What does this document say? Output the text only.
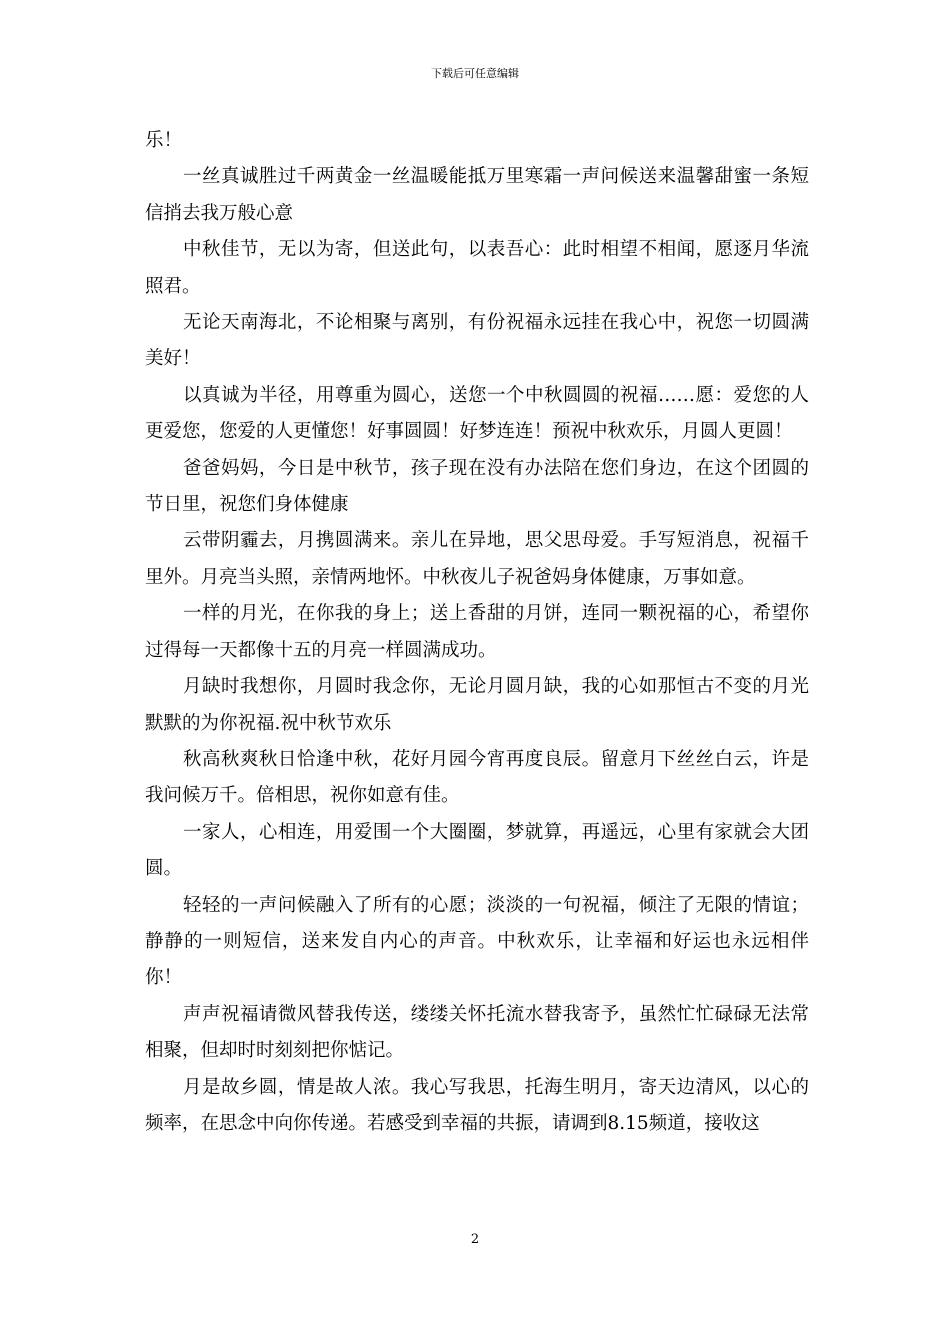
下载后可任意编辑

乐！

一丝真诚胜过千两黄金一丝温暖能抵万里寒霜一声问候送来温馨甜蜜一条短信捎去我万般心意

中秋佳节，无以为寄，但送此句，以表吾心：此时相望不相闻，愿逐月华流照君。

无论天南海北，不论相聚与离别，有份祝福永远挂在我心中，祝您一切圆满美好！

以真诚为半径，用尊重为圆心，送您一个中秋圆圆的祝福……愿：爱您的人更爱您，您爱的人更懂您！好事圆圆！好梦连连！预祝中秋欢乐，月圆人更圆！

爸爸妈妈，今日是中秋节，孩子现在没有办法陪在您们身边，在这个团圆的节日里，祝您们身体健康

云带阴霾去，月携圆满来。亲儿在异地，思父思母爱。手写短消息，祝福千里外。月亮当头照，亲情两地怀。中秋夜儿子祝爸妈身体健康，万事如意。

一样的月光，在你我的身上；送上香甜的月饼，连同一颗祝福的心，希望你过得每一天都像十五的月亮一样圆满成功。

月缺时我想你，月圆时我念你，无论月圆月缺，我的心如那恒古不变的月光默默的为你祝福.祝中秋节欢乐

秋高秋爽秋日恰逢中秋，花好月园今宵再度良辰。留意月下丝丝白云，许是我问候万千。倍相思，祝你如意有佳。

一家人，心相连，用爱围一个大圈圈，梦就算，再遥远，心里有家就会大团圆。

轻轻的一声问候融入了所有的心愿；淡淡的一句祝福，倾注了无限的情谊；静静的一则短信，送来发自内心的声音。中秋欢乐，让幸福和好运也永远相伴你！

声声祝福请微风替我传送，缕缕关怀托流水替我寄予，虽然忙忙碌碌无法常相聚，但却时时刻刻把你惦记。

月是故乡圆，情是故人浓。我心写我思，托海生明月，寄天边清风，以心的频率，在思念中向你传递。若感受到幸福的共振，请调到8.15频道，接收这

2
